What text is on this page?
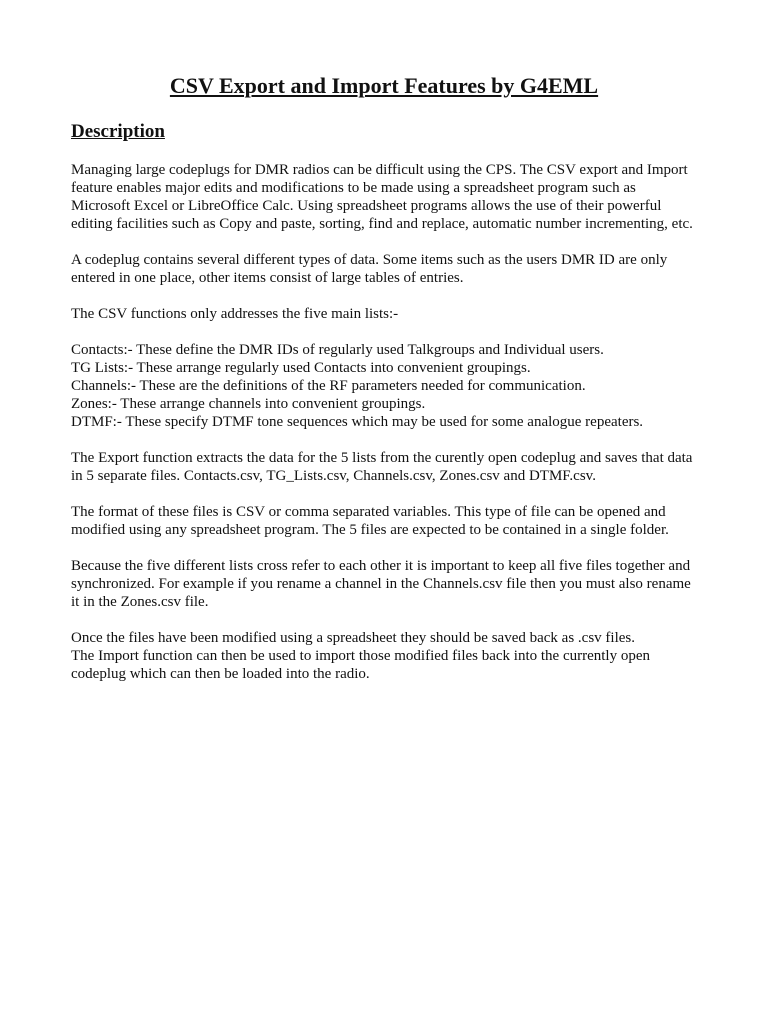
CSV Export and Import Features by G4EML
Description

Managing large codeplugs for DMR radios can be difficult using the CPS. The CSV export and Import
feature enables major edits and modifications to be made using a spreadsheet program such as
Microsoft Excel or LibreOffice Calc. Using spreadsheet programs allows the use of their powerful
editing facilities such as Copy and paste, sorting, find and replace, automatic number incrementing, etc.

A codeplug contains several different types of data. Some items such as the users DMR ID are only
entered in one place, other items consist of large tables of entries.

The CSV functions only addresses the five main lists:-

Contacts:- These define the DMR IDs of regularly used Talkgroups and Individual users.
TG Lists:- These arrange regularly used Contacts into convenient groupings.
Channels:- These are the definitions of the RF parameters needed for communication.
Zones:- These arrange channels into convenient groupings.
DTMF:- These specify DTMF tone sequences which may be used for some analogue repeaters.

The Export function extracts the data for the 5 lists from the curently open codeplug and saves that data
in 5 separate files. Contacts.csv, TG_Lists.csv, Channels.csv, Zones.csv and DTMF.csv.

The format of these files is CSV or comma separated variables. This type of file can be opened and
modified using any spreadsheet program. The 5 files are expected to be contained in a single folder.

Because the five different lists cross refer to each other it is important to keep all five files together and
synchronized. For example if you rename a channel in the Channels.csv file then you must also rename
it in the Zones.csv file.

Once the files have been modified using a spreadsheet they should be saved back as .csv files.
The Import function can then be used to import those modified files back into the currently open
codeplug which can then be loaded into the radio.
